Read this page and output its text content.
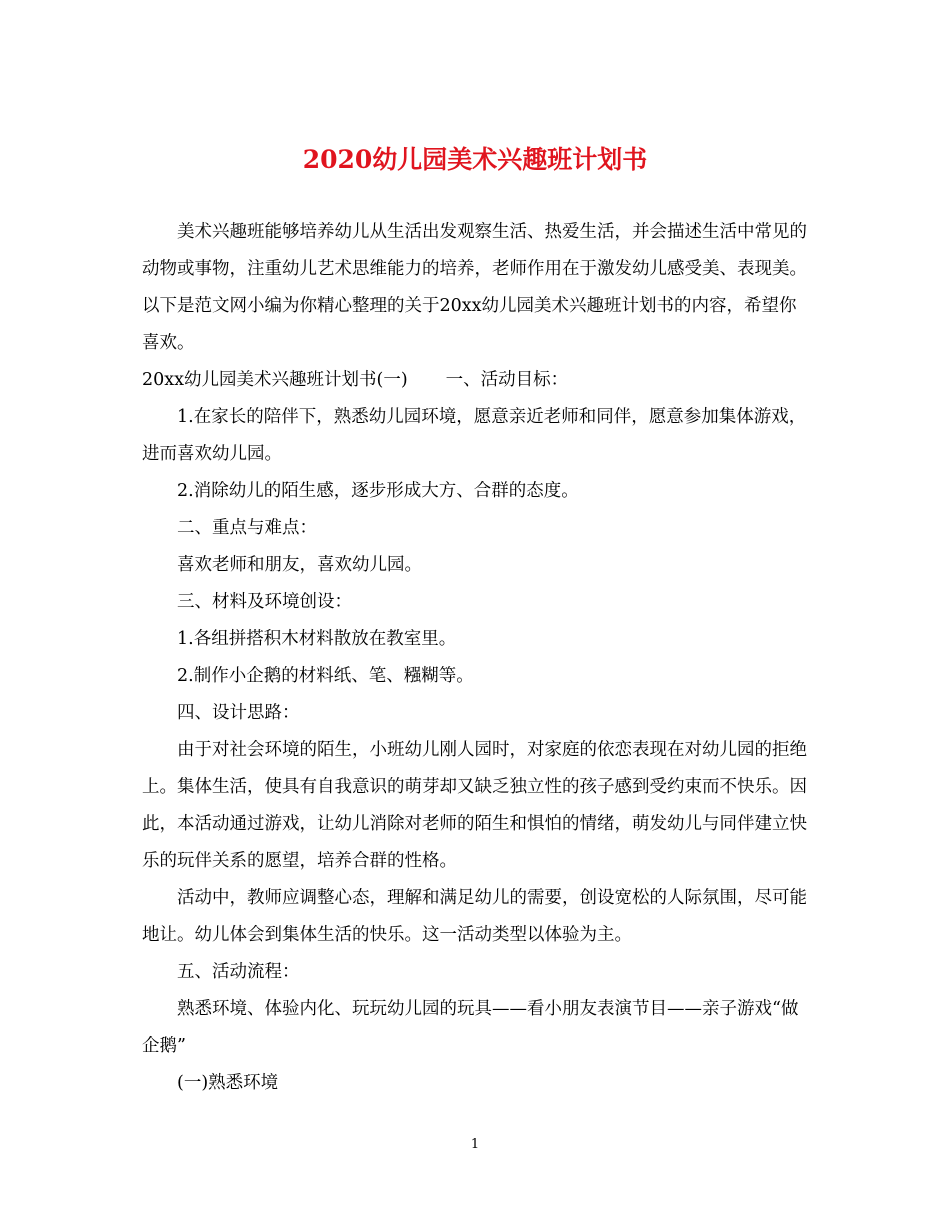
2020幼儿园美术兴趣班计划书

美术兴趣班能够培养幼儿从生活出发观察生活、热爱生活，并会描述生活中常见的动物或事物，注重幼儿艺术思维能力的培养，老师作用在于激发幼儿感受美、表现美。以下是范文网小编为你精心整理的关于20xx幼儿园美术兴趣班计划书的内容，希望你喜欢。

20xx幼儿园美术兴趣班计划书(一) 一、活动目标：

1.在家长的陪伴下，熟悉幼儿园环境，愿意亲近老师和同伴，愿意参加集体游戏，进而喜欢幼儿园。

2.消除幼儿的陌生感，逐步形成大方、合群的态度。

二、重点与难点：

喜欢老师和朋友，喜欢幼儿园。

三、材料及环境创设：

1.各组拼搭积木材料散放在教室里。

2.制作小企鹅的材料纸、笔、糨糊等。

四、设计思路：

由于对社会环境的陌生，小班幼儿刚人园时，对家庭的依恋表现在对幼儿园的拒绝上。集体生活，使具有自我意识的萌芽却又缺乏独立性的孩子感到受约束而不快乐。因此，本活动通过游戏，让幼儿消除对老师的陌生和惧怕的情绪，萌发幼儿与同伴建立快乐的玩伴关系的愿望，培养合群的性格。

活动中，教师应调整心态，理解和满足幼儿的需要，创设宽松的人际氛围，尽可能地让。幼儿体会到集体生活的快乐。这一活动类型以体验为主。

五、活动流程：

熟悉环境、体验内化、玩玩幼儿园的玩具——看小朋友表演节目——亲子游戏“做企鹅”

(一)熟悉环境

1
